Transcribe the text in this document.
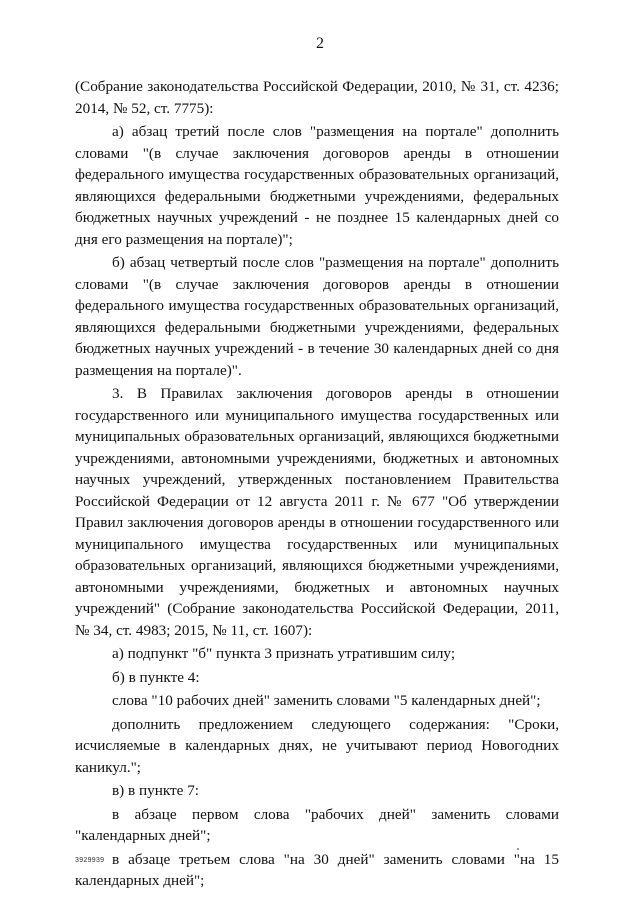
2

(Собрание законодательства Российской Федерации, 2010, № 31, ст. 4236; 2014, № 52, ст. 7775):

а) абзац третий после слов "размещения на портале" дополнить словами "(в случае заключения договоров аренды в отношении федерального имущества государственных образовательных организаций, являющихся федеральными бюджетными учреждениями, федеральных бюджетных научных учреждений - не позднее 15 календарных дней со дня его размещения на портале)";

б) абзац четвертый после слов "размещения на портале" дополнить словами "(в случае заключения договоров аренды в отношении федерального имущества государственных образовательных организаций, являющихся федеральными бюджетными учреждениями, федеральных бюджетных научных учреждений - в течение 30 календарных дней со дня размещения на портале)".

3. В Правилах заключения договоров аренды в отношении государственного или муниципального имущества государственных или муниципальных образовательных организаций, являющихся бюджетными учреждениями, автономными учреждениями, бюджетных и автономных научных учреждений, утвержденных постановлением Правительства Российской Федерации от 12 августа 2011 г. № 677 "Об утверждении Правил заключения договоров аренды в отношении государственного или муниципального имущества государственных или муниципальных образовательных организаций, являющихся бюджетными учреждениями, автономными учреждениями, бюджетных и автономных научных учреждений" (Собрание законодательства Российской Федерации, 2011, № 34, ст. 4983; 2015, № 11, ст. 1607):

а) подпункт "б" пункта 3 признать утратившим силу;

б) в пункте 4:

слова "10 рабочих дней" заменить словами "5 календарных дней";

дополнить предложением следующего содержания: "Сроки, исчисляемые в календарных днях, не учитывают период Новогодних каникул.";

в) в пункте 7:

в абзаце первом слова "рабочих дней" заменить словами "календарных дней";

в абзаце третьем слова "на 30 дней" заменить словами "на 15 календарных дней";

3929939
